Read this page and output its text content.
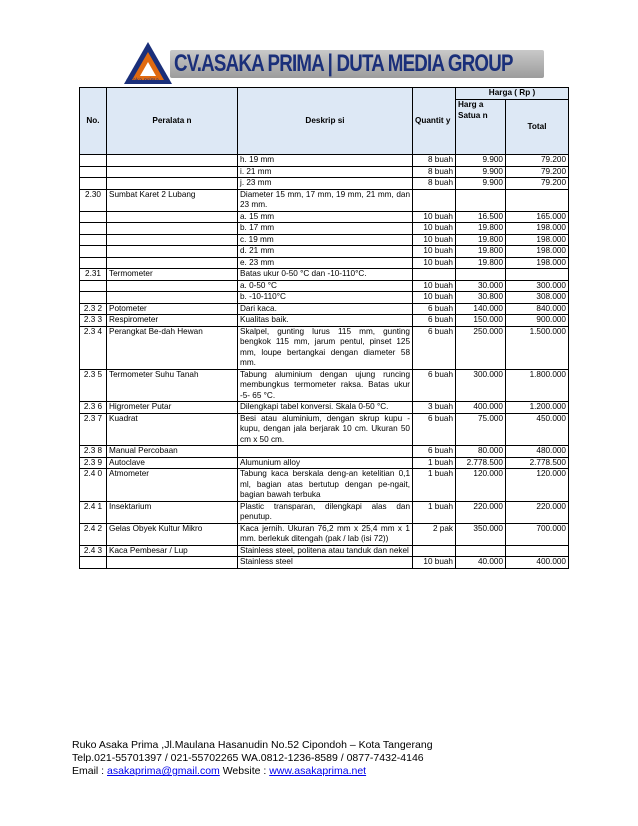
asaka prima
CV.ASAKA PRIMA | DUTA MEDIA GROUP
No.	Peralata n	Deskrip si	Quantit y	Harga ( Rp )	
				Harg a Satua n	Total
		h. 19 mm	8 buah	9.900	79.200
		i. 21 mm	8 buah	9.900	79.200
		j. 23 mm	8 buah	9.900	79.200
2.30	Sumbat Karet 2 Lubang	Diameter 15 mm, 17 mm, 19 mm, 21 mm, dan 23 mm.			
		a. 15 mm	10 buah	16.500	165.000
		b. 17 mm	10 buah	19.800	198.000
		c. 19 mm	10 buah	19.800	198.000
		d. 21 mm	10 buah	19.800	198.000
		e. 23 mm	10 buah	19.800	198.000
2.31	Termometer	Batas ukur 0-50 °C dan -10-110°C.			
		a. 0-50 °C	10 buah	30.000	300.000
		b. -10-110°C	10 buah	30.800	308.000
2.3 2	Potometer	Dari kaca.	6 buah	140.000	840.000
2.3 3	Respirometer	Kualitas baik.	6 buah	150.000	900.000
2.3 4	Perangkat Be-dah Hewan	Skalpel, gunting lurus 115 mm, gunting bengkok 115 mm, jarum pentul, pinset 125 mm, loupe bertangkai dengan diameter 58 mm.	6 buah	250.000	1.500.000
2.3 5	Termometer Suhu Tanah	Tabung aluminium dengan ujung runcing membungkus termometer raksa. Batas ukur -5- 65 °C.	6 buah	300.000	1.800.000
2.3 6	Higrometer Putar	Dilengkapi tabel konversi. Skala 0-50 °C.	3 buah	400.000	1.200.000
2.3 7	Kuadrat	Besi atau aluminium, dengan skrup kupu - kupu, dengan jala berjarak 10 cm. Ukuran 50 cm x 50 cm.	6 buah	75.000	450.000
2.3 8	Manual Percobaan		6 buah	80.000	480.000
2.3 9	Autoclave	Alumunium alloy	1 buah	2.778.500	2.778.500
2.4 0	Atmometer	Tabung kaca berskala deng-an ketelitian 0,1 ml, bagian atas bertutup dengan pe-ngait, bagian bawah terbuka	1 buah	120.000	120.000
2.4 1	Insektarium	Plastic transparan, dilengkapi alas dan penutup.	1 buah	220.000	220.000
2.4 2	Gelas Obyek Kultur Mikro	Kaca jernih. Ukuran 76,2 mm x 25,4 mm x 1 mm. berlekuk ditengah (pak / lab (isi 72))	2 pak	350.000	700.000
2.4 3	Kaca Pembesar / Lup	Stainless steel, politena atau tanduk dan nekel			
		Stainless steel	10 buah	40.000	400.000
Ruko Asaka Prima ,Jl.Maulana Hasanudin No.52 Cipondoh – Kota Tangerang
Telp.021-55701397 / 021-55702265 WA.0812-1236-8589 / 0877-7432-4146
Email : asakaprima@gmail.com Website : www.asakaprima.net
